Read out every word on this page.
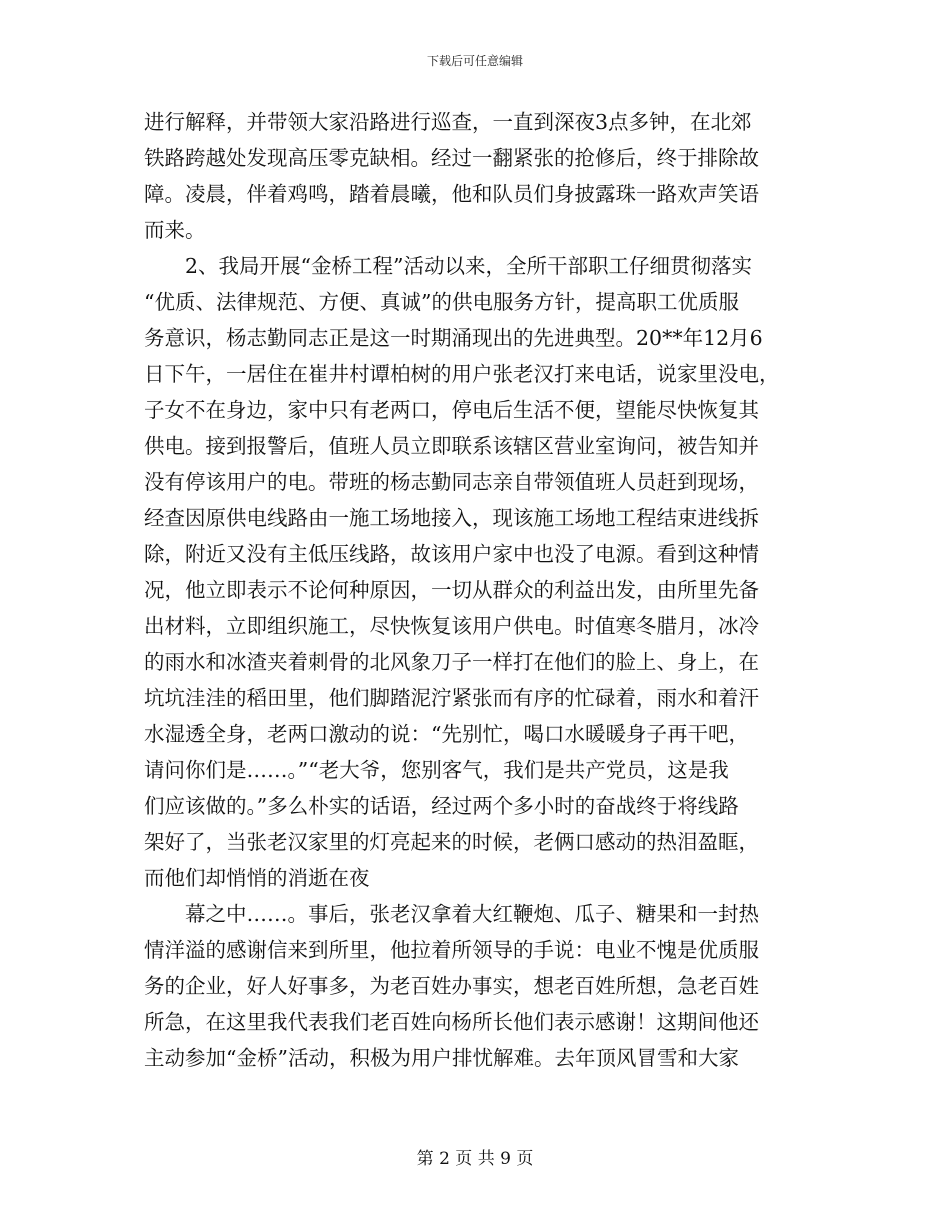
下载后可任意编辑
进行解释，并带领大家沿路进行巡查，一直到深夜3点多钟，在北郊
铁路跨越处发现高压零克缺相。经过一翻紧张的抢修后，终于排除故
障。凌晨，伴着鸡鸣，踏着晨曦，他和队员们身披露珠一路欢声笑语
而来。
2、我局开展“金桥工程”活动以来，全所干部职工仔细贯彻落实
“优质、法律规范、方便、真诚”的供电服务方针，提高职工优质服
务意识，杨志勤同志正是这一时期涌现出的先进典型。20**年12月6
日下午，一居住在崔井村谭柏树的用户张老汉打来电话，说家里没电，
子女不在身边，家中只有老两口，停电后生活不便，望能尽快恢复其
供电。接到报警后，值班人员立即联系该辖区营业室询问，被告知并
没有停该用户的电。带班的杨志勤同志亲自带领值班人员赶到现场，
经查因原供电线路由一施工场地接入，现该施工场地工程结束进线拆
除，附近又没有主低压线路，故该用户家中也没了电源。看到这种情
况，他立即表示不论何种原因，一切从群众的利益出发，由所里先备
出材料，立即组织施工，尽快恢复该用户供电。时值寒冬腊月，冰冷
的雨水和冰渣夹着刺骨的北风象刀子一样打在他们的脸上、身上，在
坑坑洼洼的稻田里，他们脚踏泥泞紧张而有序的忙碌着，雨水和着汗
水湿透全身，老两口激动的说：“先别忙，喝口水暖暖身子再干吧，
请问你们是……。”“老大爷，您别客气，我们是共产党员，这是我
们应该做的。”多么朴实的话语，经过两个多小时的奋战终于将线路
架好了，当张老汉家里的灯亮起来的时候，老俩口感动的热泪盈眶，
而他们却悄悄的消逝在夜
幕之中……。事后，张老汉拿着大红鞭炮、瓜子、糖果和一封热
情洋溢的感谢信来到所里，他拉着所领导的手说：电业不愧是优质服
务的企业，好人好事多，为老百姓办事实，想老百姓所想，急老百姓
所急，在这里我代表我们老百姓向杨所长他们表示感谢！这期间他还
主动参加“金桥”活动，积极为用户排忧解难。去年顶风冒雪和大家
第 2 页 共 9 页
